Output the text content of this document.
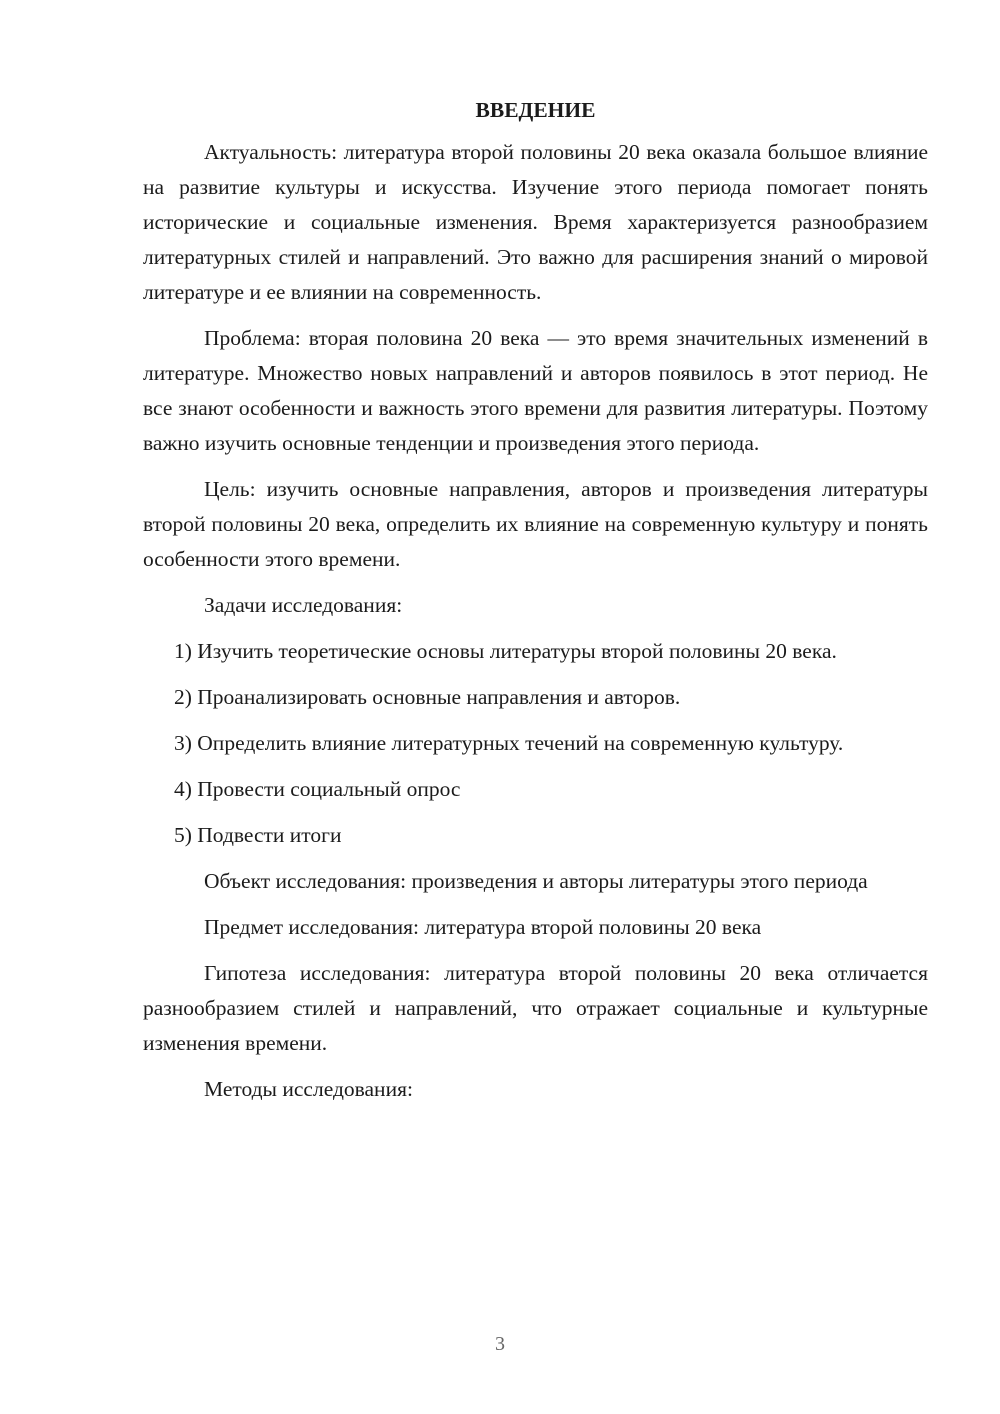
ВВЕДЕНИЕ

Актуальность: литература второй половины 20 века оказала большое влияние на развитие культуры и искусства. Изучение этого периода помогает понять исторические и социальные изменения. Время характеризуется разнообразием литературных стилей и направлений. Это важно для расширения знаний о мировой литературе и ее влиянии на современность.

Проблема: вторая половина 20 века — это время значительных изменений в литературе. Множество новых направлений и авторов появилось в этот период. Не все знают особенности и важность этого времени для развития литературы. Поэтому важно изучить основные тенденции и произведения этого периода.

Цель: изучить основные направления, авторов и произведения литературы второй половины 20 века, определить их влияние на современную культуру и понять особенности этого времени.

Задачи исследования:

1) Изучить теоретические основы литературы второй половины 20 века.

2) Проанализировать основные направления и авторов.

3) Определить влияние литературных течений на современную культуру.

4) Провести социальный опрос

5) Подвести итоги

Объект исследования: произведения и авторы литературы этого периода

Предмет исследования: литература второй половины 20 века

Гипотеза исследования: литература второй половины 20 века отличается разнообразием стилей и направлений, что отражает социальные и культурные изменения времени.

Методы исследования:

3
